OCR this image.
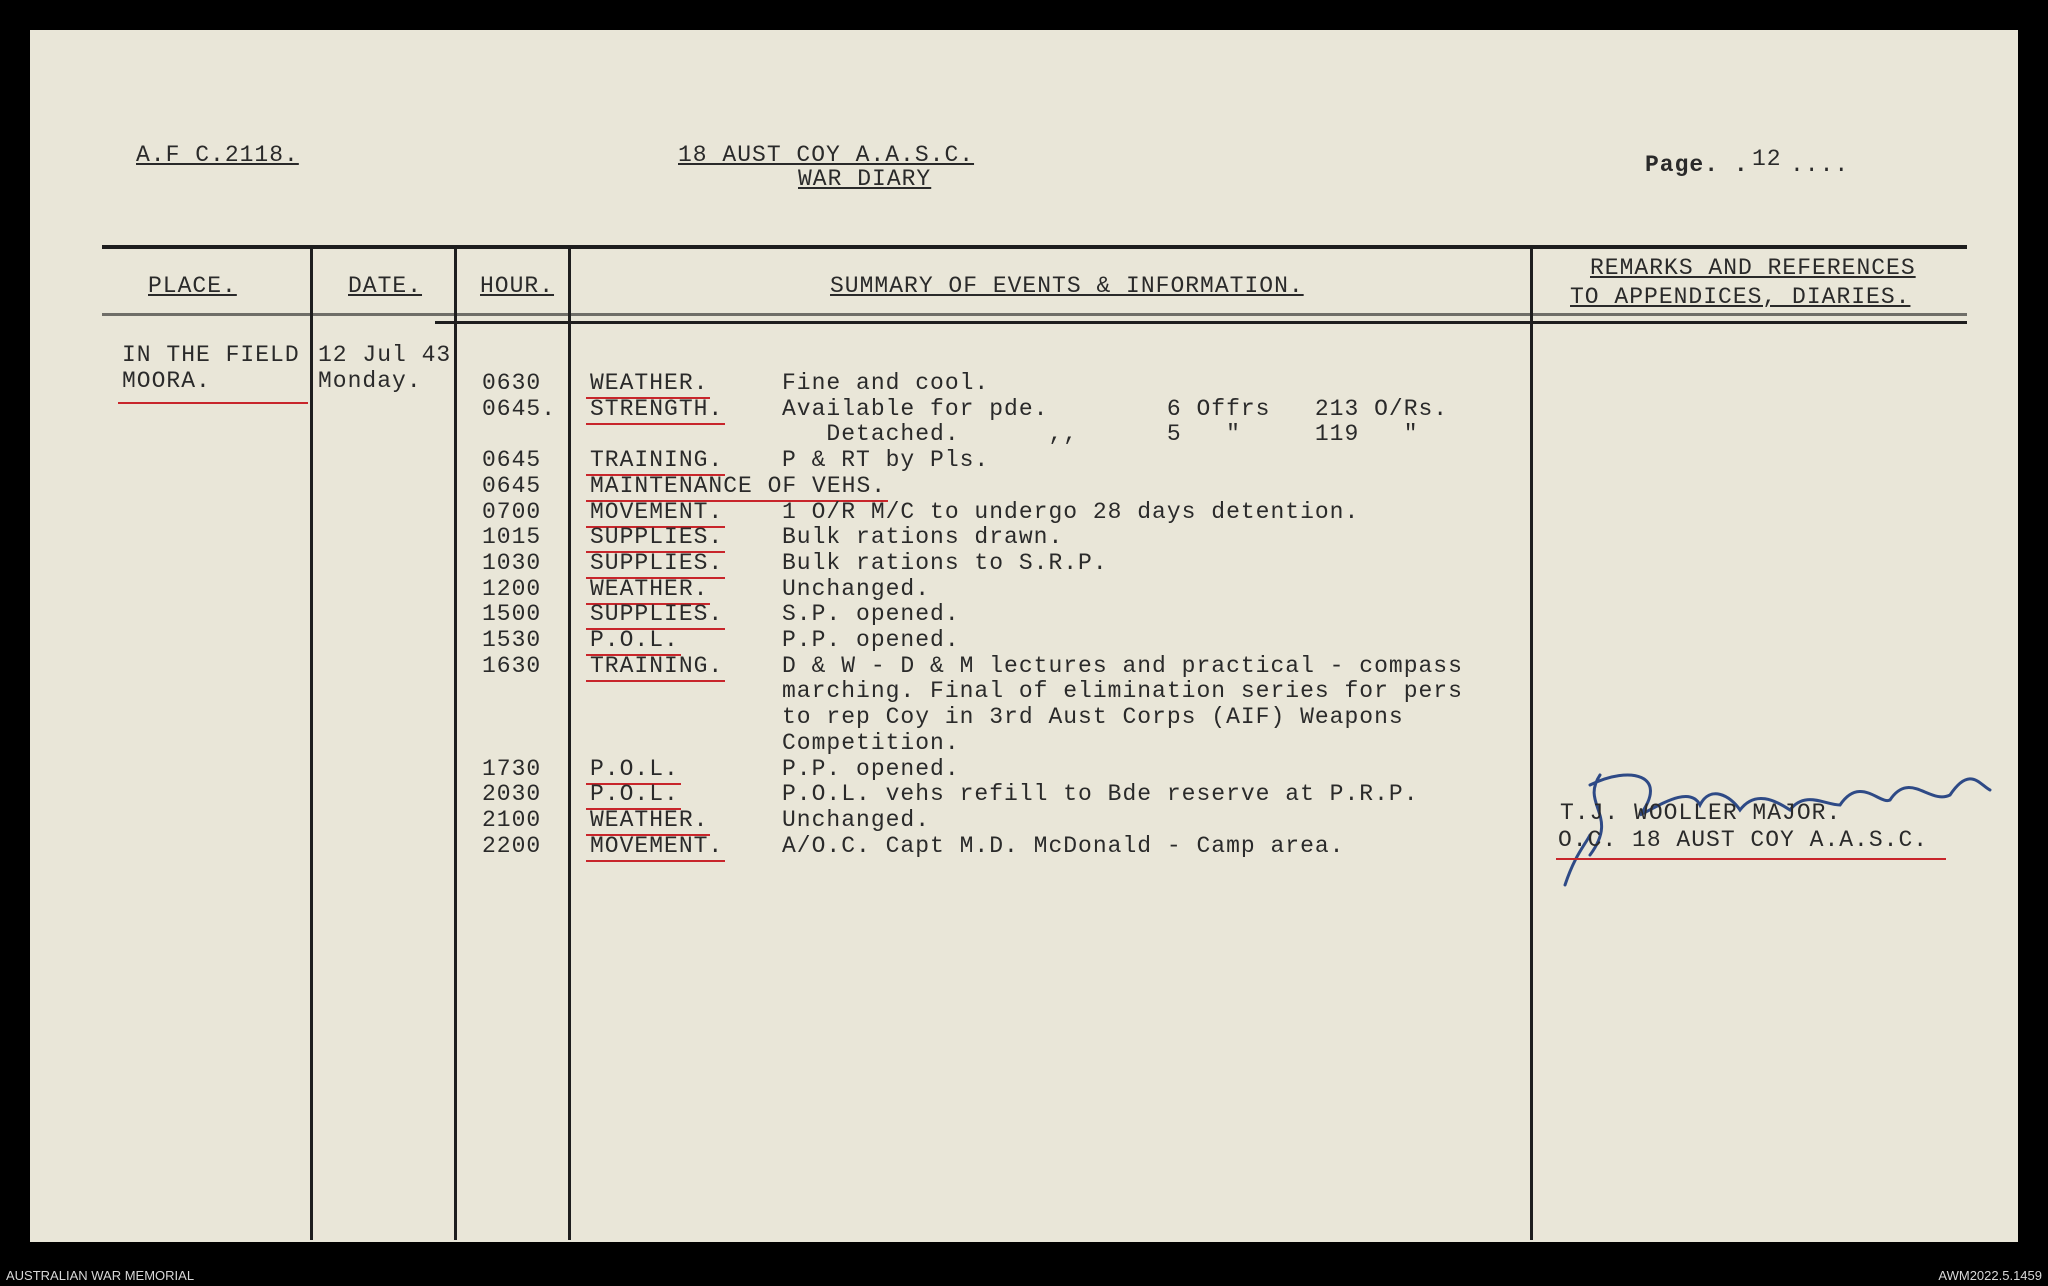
A.F C.2118.	18 AUST COY A.A.S.C.
WAR DIARY
Page. . 12 ....
PLACE.	DATE.	HOUR.	SUMMARY OF EVENTS & INFORMATION.
REMARKS AND REFERENCES
TO APPENDICES, DIARIES.
IN THE FIELD
MOORA.
12 Jul 43
Monday.	0630 WEATHER.	Fine and cool.
0645. STRENGTH.	Available for pde.        6 Offrs   213 O/Rs.
Detached.      ,,      5   "     119   "
0645 TRAINING.	P & RT by Pls.
0645 MAINTENANCE OF VEHS.
0700 MOVEMENT.	1 O/R M/C to undergo 28 days detention.
1015 SUPPLIES.	Bulk rations drawn.
1030 SUPPLIES.	Bulk rations to S.R.P.
1200 WEATHER.	Unchanged.
1500 SUPPLIES.	S.P. opened.
1530 P.O.L.	P.P. opened.
1630 TRAINING.	D & W - D & M lectures and practical - compass
marching. Final of elimination series for pers
to rep Coy in 3rd Aust Corps (AIF) Weapons
Competition.
1730 P.O.L.	P.P. opened.
2030 P.O.L.	P.O.L. vehs refill to Bde reserve at P.R.P.
2100 WEATHER.	Unchanged.
2200 MOVEMENT.	A/O.C. Capt M.D. McDonald - Camp area.
T.J. WOOLLER MAJOR.
O.C. 18 AUST COY A.A.S.C.
AUSTRALIAN WAR MEMORIAL	AWM2022.5.1459
